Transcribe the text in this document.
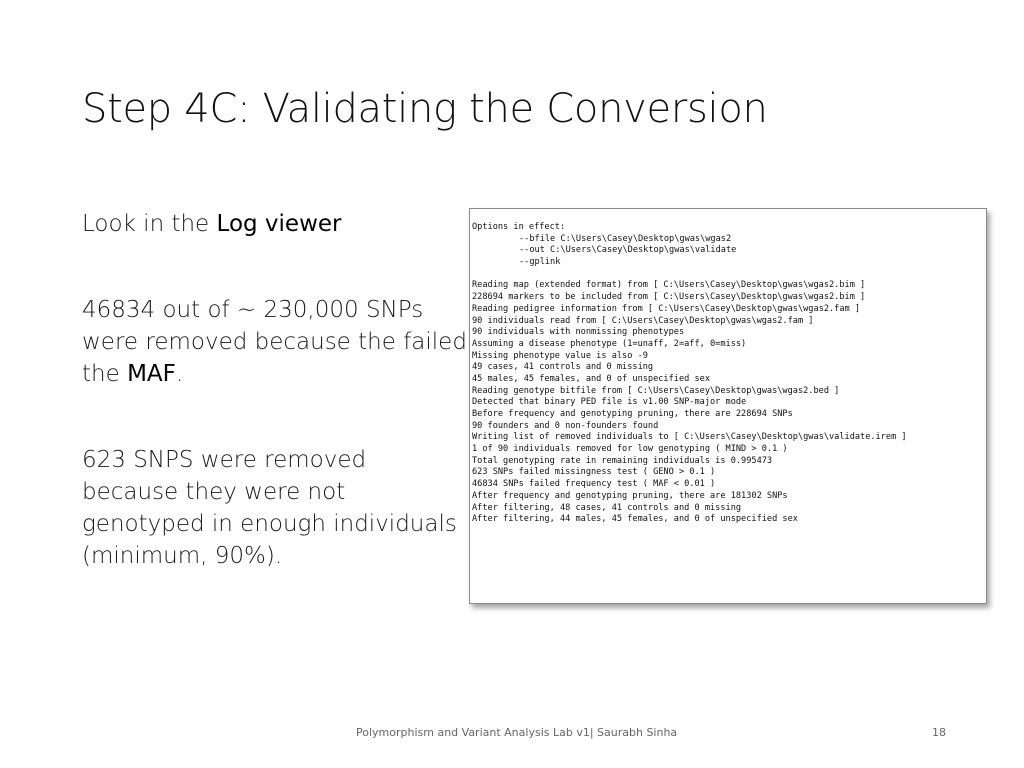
Step 4C: Validating the Conversion

Look in the Log viewer

46834 out of ~ 230,000 SNPs were removed because the failed the MAF.

623 SNPS were removed because they were not genotyped in enough individuals (minimum, 90%).

Options in effect:
--bfile C:\Users\Casey\Desktop\gwas\wgas2
--out C:\Users\Casey\Desktop\gwas\validate
--gplink
Reading map (extended format) from [ C:\Users\Casey\Desktop\gwas\wgas2.bim ]
228694 markers to be included from [ C:\Users\Casey\Desktop\gwas\wgas2.bim ]
Reading pedigree information from [ C:\Users\Casey\Desktop\gwas\wgas2.fam ]
90 individuals read from [ C:\Users\Casey\Desktop\gwas\wgas2.fam ]
90 individuals with nonmissing phenotypes
Assuming a disease phenotype (1=unaff, 2=aff, 0=miss)
Missing phenotype value is also -9
49 cases, 41 controls and 0 missing
45 males, 45 females, and 0 of unspecified sex
Reading genotype bitfile from [ C:\Users\Casey\Desktop\gwas\wgas2.bed ]
Detected that binary PED file is v1.00 SNP-major mode
Before frequency and genotyping pruning, there are 228694 SNPs
90 founders and 0 non-founders found
Writing list of removed individuals to [ C:\Users\Casey\Desktop\gwas\validate.irem ]
1 of 90 individuals removed for low genotyping ( MIND > 0.1 )
Total genotyping rate in remaining individuals is 0.995473
623 SNPs failed missingness test ( GENO > 0.1 )
46834 SNPs failed frequency test ( MAF < 0.01 )
After frequency and genotyping pruning, there are 181302 SNPs
After filtering, 48 cases, 41 controls and 0 missing
After filtering, 44 males, 45 females, and 0 of unspecified sex
Polymorphism and Variant Analysis Lab v1| Saurabh Sinha	18
